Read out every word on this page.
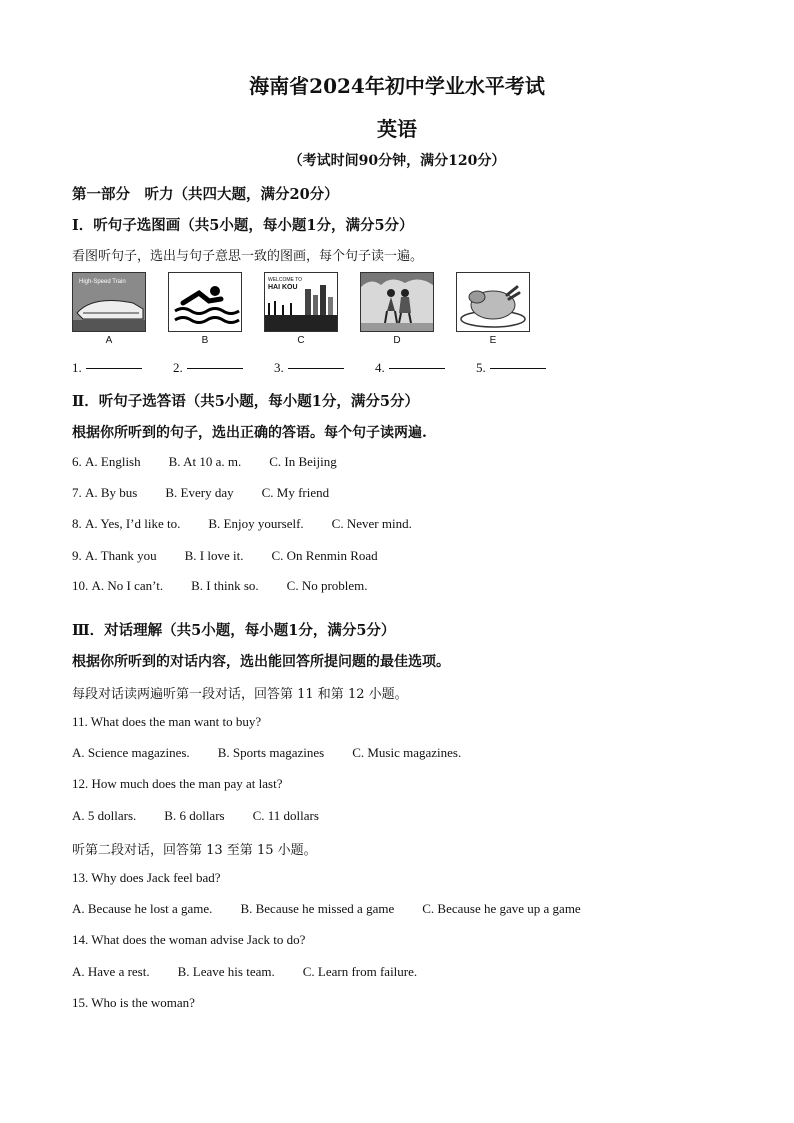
海南省2024年初中学业水平考试
英语
（考试时间90分钟，满分120分）
第一部分　听力（共四大题，满分20分）
Ⅰ．听句子选图画（共5小题，每小题1分，满分5分）
看图听句子，选出与句子意思一致的图画，每个句子读一遍。
High-Speed Train
A	B
WELCOME TO
HAI KOU
C	D	E
1.	2.	3.	4.	5.
Ⅱ．听句子选答语（共5小题，每小题1分，满分5分）
根据你所听到的句子，选出正确的答语。每个句子读两遍.
6. A. English B. At 10 a. m. C. In Beijing
7. A. By bus B. Every day C. My friend
8. A. Yes, I’d like to. B. Enjoy yourself. C. Never mind.
9. A. Thank you B. I love it. C. On Renmin Road
10. A. No I can’t. B. I think so. C. No problem.
Ⅲ．对话理解（共5小题，每小题1分，满分5分）
根据你所听到的对话内容，选出能回答所提问题的最佳选项。
每段对话读两遍听第一段对话，回答第 11 和第 12 小题。
11. What does the man want to buy?
A. Science magazines. B. Sports magazines C. Music magazines.
12. How much does the man pay at last?
A. 5 dollars. B. 6 dollars C. 11 dollars
听第二段对话，回答第 13 至第 15 小题。
13. Why does Jack feel bad?
A. Because he lost a game. B. Because he missed a game C. Because he gave up a game
14. What does the woman advise Jack to do?
A. Have a rest. B. Leave his team. C. Learn from failure.
15. Who is the woman?
